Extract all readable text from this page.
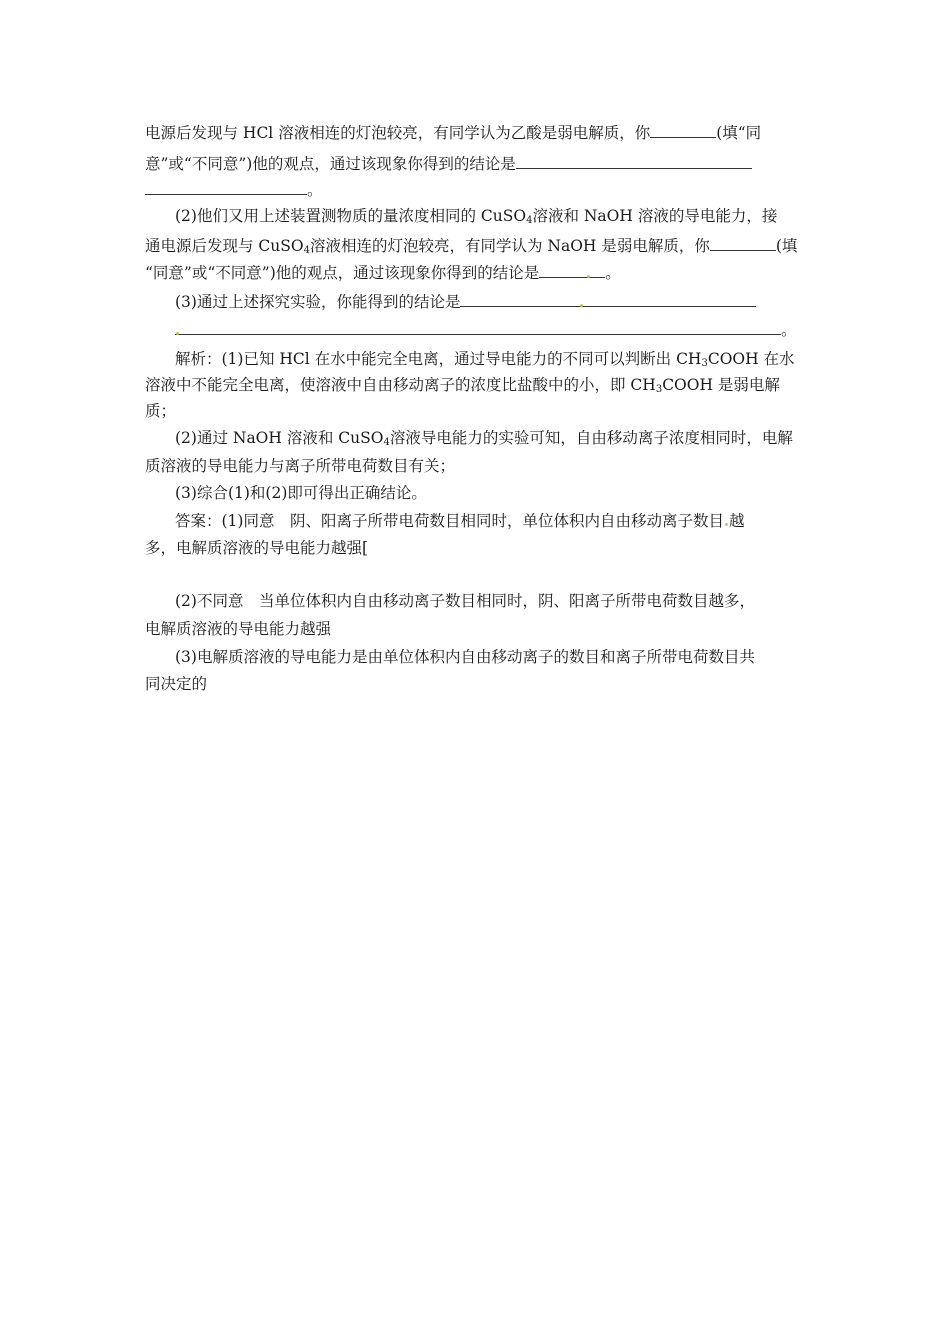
电源后发现与 HCl 溶液相连的灯泡较亮，有同学认为乙酸是弱电解质，你	(填“同
意”或“不同意”)他的观点，通过该现象你得到的结论是
。
(2)他们又用上述装置测物质的量浓度相同的 CuSO$_4$溶液和 NaOH 溶液的导电能力，接
通电源后发现与 CuSO$_4$溶液相连的灯泡较亮，有同学认为 NaOH 是弱电解质，你	(填
“同意”或“不同意”)他的观点，通过该现象你得到的结论是	。
(3)通过上述探究实验，你能得到的结论是
。
解析：(1)已知 HCl 在水中能完全电离，通过导电能力的不同可以判断出 $CH_3COOH$ 在水
溶液中不能完全电离，使溶液中自由移动离子的浓度比盐酸中的小，即 $CH_3COOH$ 是弱电解
质；
(2)通过 NaOH 溶液和 CuSO$_4$溶液导电能力的实验可知，自由移动离子浓度相同时，电解
质溶液的导电能力与离子所带电荷数目有关；
(3)综合(1)和(2)即可得出正确结论。
答案：(1)同意　阴、阳离子所带电荷数目相同时，单位体积内自由移动离子数目 越
多，电解质溶液的导电能力越强[
(2)不同意　当单位体积内自由移动离子数目相同时，阴、阳离子所带电荷数目越多，
电解质溶液的导电能力越强
(3)电解质溶液的导电能力是由单位体积内自由移动离子的数目和离子所带电荷数目共
同决定的
